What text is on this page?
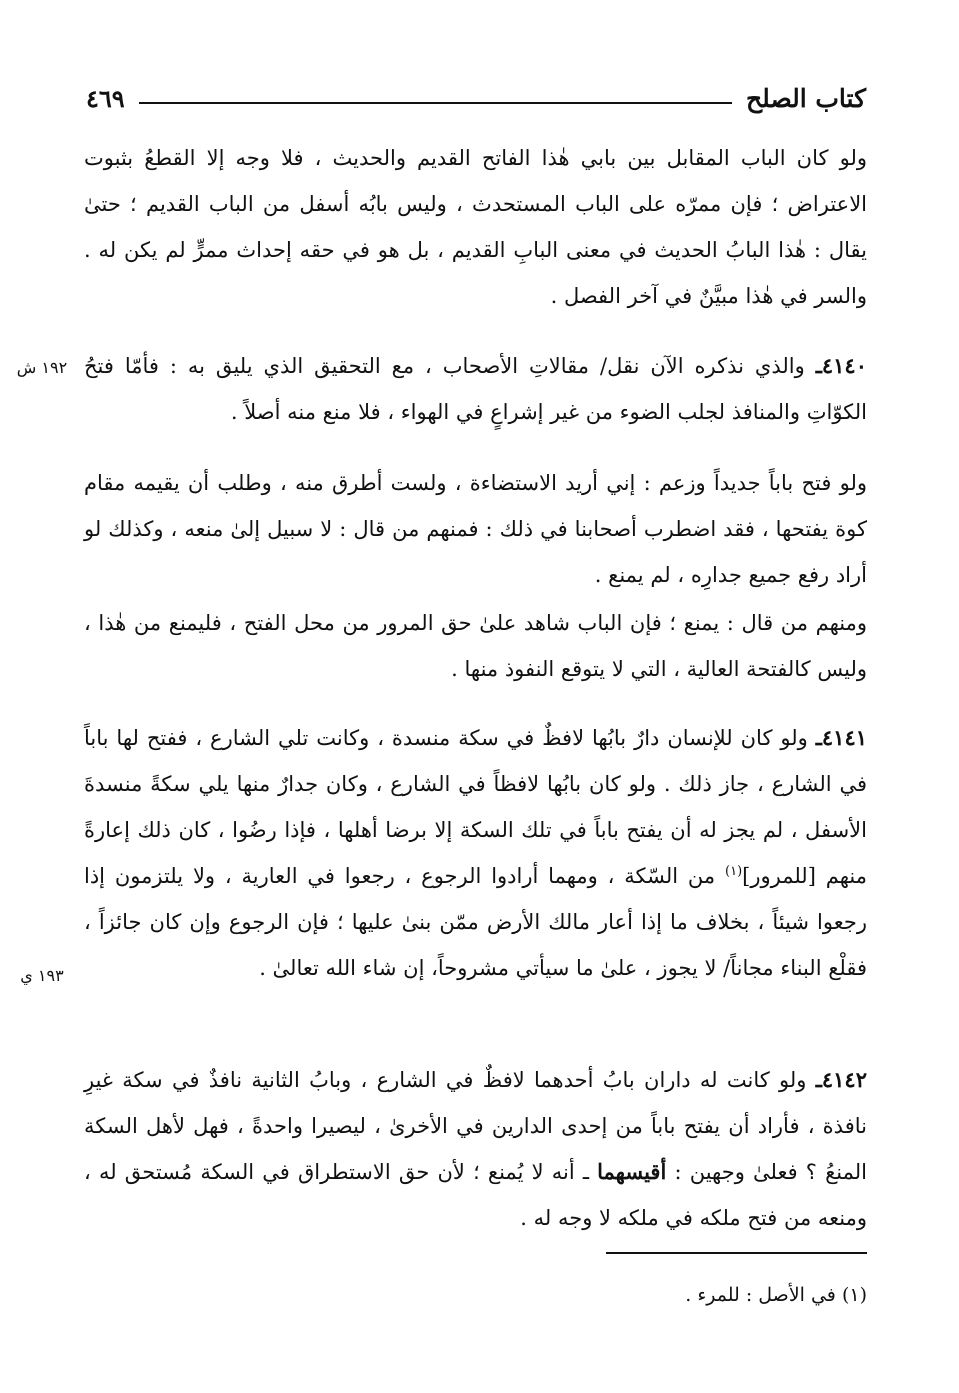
كتاب الصلح
٤٦٩

ولو كان الباب المقابل بين بابي هٰذا الفاتح القديم والحديث ، فلا وجه إلا القطعُ بثبوت الاعتراض ؛ فإن ممرّه على الباب المستحدث ، وليس بابُه أسفل من الباب القديم ؛ حتىٰ يقال : هٰذا البابُ الحديث في معنى البابِ القديم ، بل هو في حقه إحداث ممرٍّ لم يكن له . والسر في هٰذا مبيَّنٌ في آخر الفصل .

٤١٤٠ـ والذي نذكره الآن نقل/ مقالاتِ الأصحاب ، مع التحقيق الذي يليق به : فأمّا فتحُ الكوّاتِ والمنافذ لجلب الضوء من غير إشراعٍ في الهواء ، فلا منع منه أصلاً .

ولو فتح باباً جديداً وزعم : إني أريد الاستضاءة ، ولست أطرق منه ، وطلب أن يقيمه مقام كوة يفتحها ، فقد اضطرب أصحابنا في ذلك : فمنهم من قال : لا سبيل إلىٰ منعه ، وكذلك لو أراد رفع جميع جدارِه ، لم يمنع .

ومنهم من قال : يمنع ؛ فإن الباب شاهد علىٰ حق المرور من محل الفتح ، فليمنع من هٰذا ، وليس كالفتحة العالية ، التي لا يتوقع النفوذ منها .

٤١٤١ـ ولو كان للإنسان دارٌ بابُها لافظٌ في سكة منسدة ، وكانت تلي الشارع ، ففتح لها باباً في الشارع ، جاز ذلك . ولو كان بابُها لافظاً في الشارع ، وكان جدارٌ منها يلي سكةً منسدةَ الأسفل ، لم يجز له أن يفتح باباً في تلك السكة إلا برضا أهلها ، فإذا رضُوا ، كان ذلك إعارةً منهم [للمرور]$^{(١)}$ من السّكة ، ومهما أرادوا الرجوع ، رجعوا في العارية ، ولا يلتزمون إذا رجعوا شيئاً ، بخلاف ما إذا أعار مالك الأرض ممّن بنىٰ عليها ؛ فإن الرجوع وإن كان جائزاً ، فقلْع البناء مجاناً/ لا يجوز ، علىٰ ما سيأتي مشروحاً، إن شاء الله تعالىٰ .

٤١٤٢ـ ولو كانت له داران بابُ أحدهما لافظٌ في الشارع ، وبابُ الثانية نافذٌ في سكة غيرِ نافذة ، فأراد أن يفتح باباً من إحدى الدارين في الأخرىٰ ، ليصيرا واحدةً ، فهل لأهل السكة المنعُ ؟ فعلىٰ وجهين : أقيسهما ـ أنه لا يُمنع ؛ لأن حق الاستطراق في السكة مُستحق له ، ومنعه من فتح ملكه في ملكه لا وجه له .

١٩٢ ش
١٩٣ ي
(١) في الأصل : للمرء .
